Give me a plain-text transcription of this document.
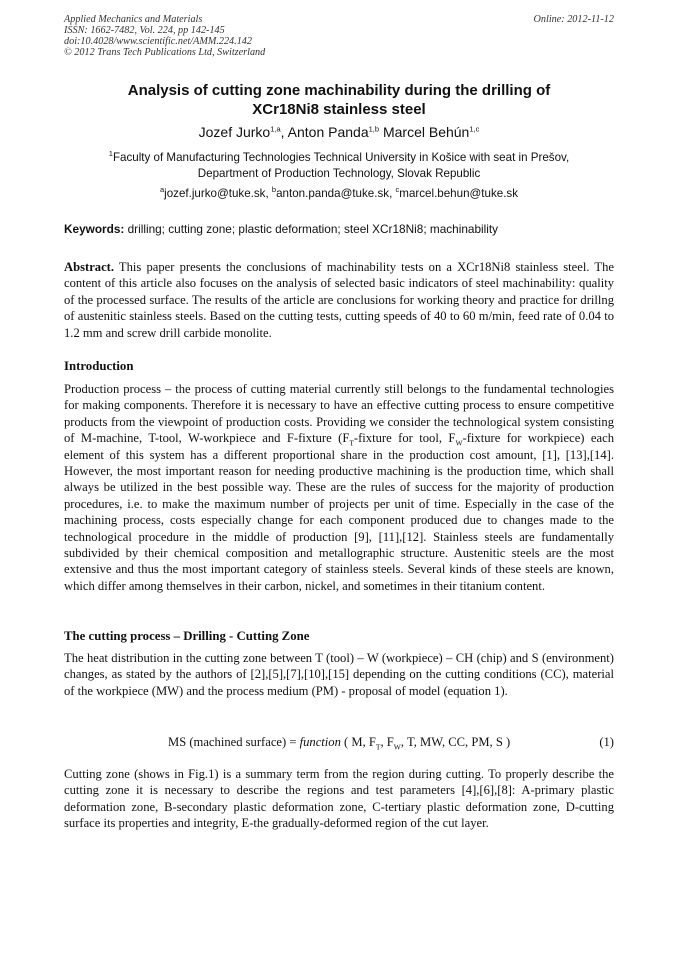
Applied Mechanics and Materials
ISSN: 1662-7482, Vol. 224, pp 142-145
doi:10.4028/www.scientific.net/AMM.224.142
© 2012 Trans Tech Publications Ltd, Switzerland
Online: 2012-11-12
Analysis of cutting zone machinability during the drilling of
XCr18Ni8 stainless steel
Jozef Jurko$^{1,a}$, Anton Panda$^{1,b}$ Marcel Behún$^{1,c}$
$^1$Faculty of Manufacturing Technologies Technical University in Košice with seat in Prešov,
Department of Production Technology, Slovak Republic
$^a$jozef.jurko@tuke.sk, $^b$anton.panda@tuke.sk, $^c$marcel.behun@tuke.sk
Keywords: drilling; cutting zone; plastic deformation; steel XCr18Ni8; machinability
Abstract. This paper presents the conclusions of machinability tests on a XCr18Ni8 stainless steel. The content of this article also focuses on the analysis of selected basic indicators of steel machinability: quality of the processed surface. The results of the article are conclusions for working theory and practice for drillng of austenitic stainless steels. Based on the cutting tests, cutting speeds of 40 to 60 m/min, feed rate of 0.04 to 1.2 mm and screw drill carbide monolite.
Introduction
Production process – the process of cutting material currently still belongs to the fundamental technologies for making components. Therefore it is necessary to have an effective cutting process to ensure competitive products from the viewpoint of production costs. Providing we consider the technological system consisting of M-machine, T-tool, W-workpiece and F-fixture ($F_T$-fixture for tool, $F_W$-fixture for workpiece) each element of this system has a different proportional share in the production cost amount, [1], [13],[14]. However, the most important reason for needing productive machining is the production time, which shall always be utilized in the best possible way. These are the rules of success for the majority of production procedures, i.e. to make the maximum number of projects per unit of time. Especially in the case of the machining process, costs especially change for each component produced due to changes made to the technological procedure in the middle of production [9], [11],[12]. Stainless steels are fundamentally subdivided by their chemical composition and metallographic structure. Austenitic steels are the most extensive and thus the most important category of stainless steels. Several kinds of these steels are known, which differ among themselves in their carbon, nickel, and sometimes in their titanium content.
The cutting process – Drilling - Cutting Zone
The heat distribution in the cutting zone between T (tool) – W (workpiece) – CH (chip) and S (environment) changes, as stated by the authors of [2],[5],[7],[10],[15] depending on the cutting conditions (CC), material of the workpiece (MW) and the process medium (PM) - proposal of model (equation 1).
MS (machined surface) = function ( M, $F_T$, $F_W$, T, MW, CC, PM, S )	(1)
Cutting zone (shows in Fig.1) is a summary term from the region during cutting. To properly describe the cutting zone it is necessary to describe the regions and test parameters [4],[6],[8]: A-primary plastic deformation zone, B-secondary plastic deformation zone, C-tertiary plastic deformation zone, D-cutting surface its properties and integrity, E-the gradually-deformed region of the cut layer.
